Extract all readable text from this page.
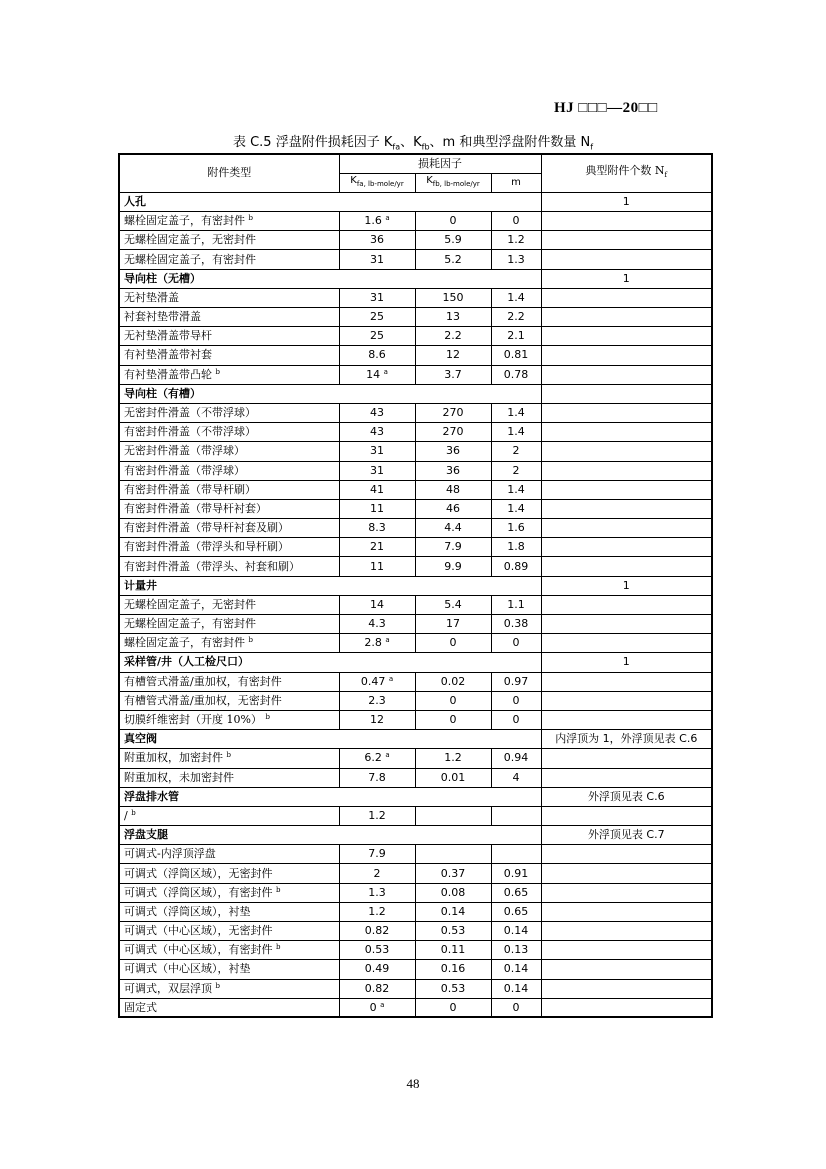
HJ □□□—20□□
表 C.5 浮盘附件损耗因子 $K_{fa}$、$K_{fb}$、m 和典型浮盘附件数量 $N_f$
附件类型	损耗因子			典型附件个数 $N_f$
	$K_{fa, lb-mole/yr}$	$K_{fb, lb-mole/yr}$	m	
人孔				1
螺栓固定盖子，有密封件 $^b$	1.6 $^a$	0	0	
无螺栓固定盖子，无密封件	36	5.9	1.2	
无螺栓固定盖子，有密封件	31	5.2	1.3	
导向柱（无槽）				1
无衬垫滑盖	31	150	1.4	
衬套衬垫带滑盖	25	13	2.2	
无衬垫滑盖带导杆	25	2.2	2.1	
有衬垫滑盖带衬套	8.6	12	0.81	
有衬垫滑盖带凸轮 $^b$	14 $^a$	3.7	0.78	
导向柱（有槽）				
无密封件滑盖（不带浮球）	43	270	1.4	
有密封件滑盖（不带浮球）	43	270	1.4	
无密封件滑盖（带浮球）	31	36	2	
有密封件滑盖（带浮球）	31	36	2	
有密封件滑盖（带导杆刷）	41	48	1.4	
有密封件滑盖（带导杆衬套）	11	46	1.4	
有密封件滑盖（带导杆衬套及刷）	8.3	4.4	1.6	
有密封件滑盖（带浮头和导杆刷）	21	7.9	1.8	
有密封件滑盖（带浮头、衬套和刷）	11	9.9	0.89	
计量井				1
无螺栓固定盖子，无密封件	14	5.4	1.1	
无螺栓固定盖子，有密封件	4.3	17	0.38	
螺栓固定盖子，有密封件 $^b$	2.8 $^a$	0	0	
采样管/井（人工检尺口）				1
有槽管式滑盖/重加权，有密封件	0.47 $^a$	0.02	0.97	
有槽管式滑盖/重加权，无密封件	2.3	0	0	
切膜纤维密封（开度 10%） $^b$	12	0	0	
真空阀				内浮顶为 1，外浮顶见表 C.6
附重加权，加密封件 $^b$	6.2 $^a$	1.2	0.94	
附重加权，未加密封件	7.8	0.01	4	
浮盘排水管				外浮顶见表 C.6
/ $^b$	1.2			
浮盘支腿				外浮顶见表 C.7
可调式-内浮顶浮盘	7.9			
可调式（浮筒区域），无密封件	2	0.37	0.91	
可调式（浮筒区域），有密封件 $^b$	1.3	0.08	0.65	
可调式（浮筒区域），衬垫	1.2	0.14	0.65	
可调式（中心区域），无密封件	0.82	0.53	0.14	
可调式（中心区域），有密封件 $^b$	0.53	0.11	0.13	
可调式（中心区域），衬垫	0.49	0.16	0.14	
可调式，双层浮顶 $^b$	0.82	0.53	0.14	
固定式	0 $^a$	0	0	
48
